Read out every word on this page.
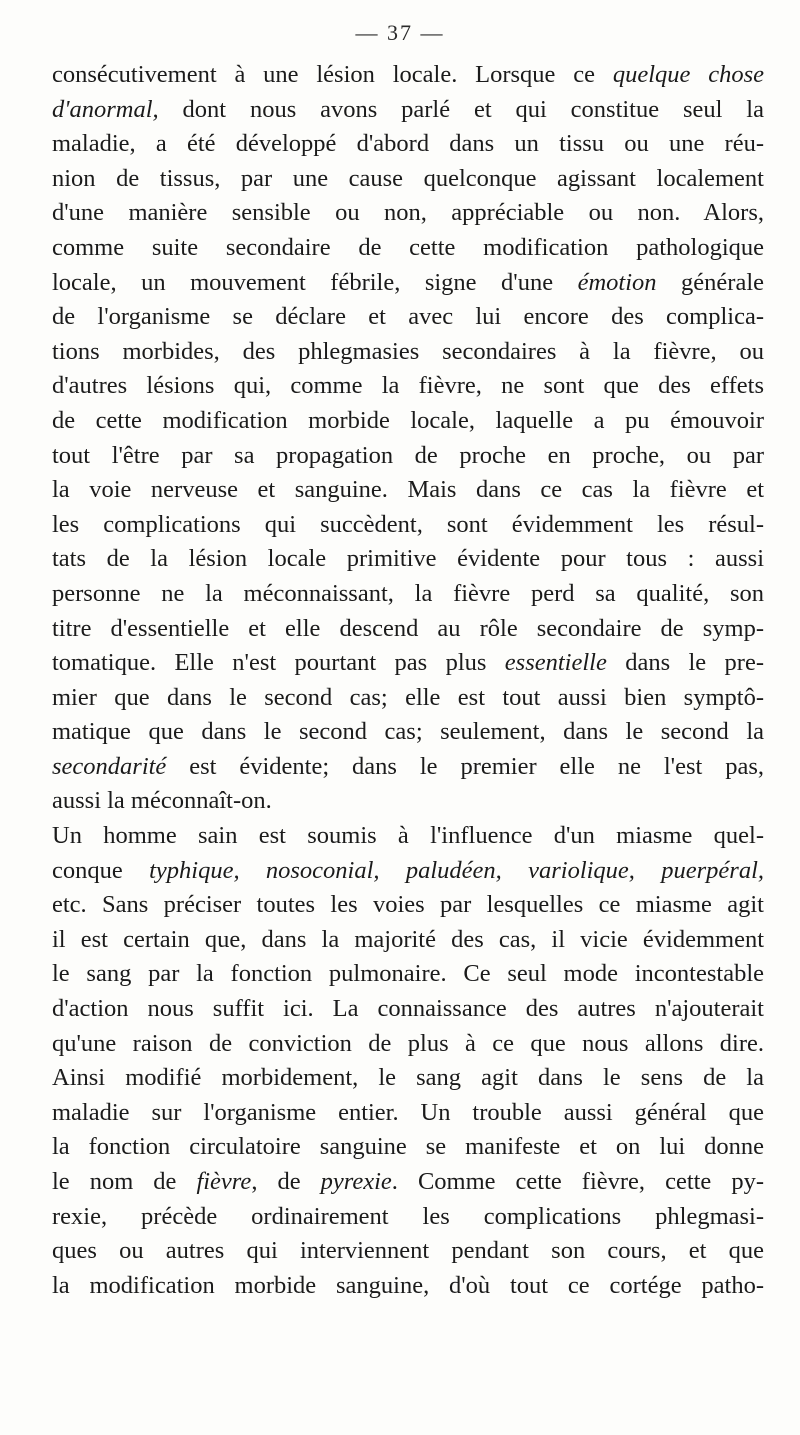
— 37 —
consécutivement à une lésion locale. Lorsque ce quelque chose
d'anormal, dont nous avons parlé et qui constitue seul la
maladie, a été développé d'abord dans un tissu ou une réu-
nion de tissus, par une cause quelconque agissant localement
d'une manière sensible ou non, appréciable ou non. Alors,
comme suite secondaire de cette modification pathologique
locale, un mouvement fébrile, signe d'une émotion générale
de l'organisme se déclare et avec lui encore des complica-
tions morbides, des phlegmasies secondaires à la fièvre, ou
d'autres lésions qui, comme la fièvre, ne sont que des effets
de cette modification morbide locale, laquelle a pu émouvoir
tout l'être par sa propagation de proche en proche, ou par
la voie nerveuse et sanguine. Mais dans ce cas la fièvre et
les complications qui succèdent, sont évidemment les résul-
tats de la lésion locale primitive évidente pour tous : aussi
personne ne la méconnaissant, la fièvre perd sa qualité, son
titre d'essentielle et elle descend au rôle secondaire de symp-
tomatique. Elle n'est pourtant pas plus essentielle dans le pre-
mier que dans le second cas; elle est tout aussi bien symptô-
matique que dans le second cas; seulement, dans le second la
secondarité est évidente; dans le premier elle ne l'est pas,
aussi la méconnaît-on.
Un homme sain est soumis à l'influence d'un miasme quel-
conque typhique, nosoconial, paludéen, variolique, puerpéral,
etc. Sans préciser toutes les voies par lesquelles ce miasme agit
il est certain que, dans la majorité des cas, il vicie évidemment
le sang par la fonction pulmonaire. Ce seul mode incontestable
d'action nous suffit ici. La connaissance des autres n'ajouterait
qu'une raison de conviction de plus à ce que nous allons dire.
Ainsi modifié morbidement, le sang agit dans le sens de la
maladie sur l'organisme entier. Un trouble aussi général que
la fonction circulatoire sanguine se manifeste et on lui donne
le nom de fièvre, de pyrexie. Comme cette fièvre, cette py-
rexie, précède ordinairement les complications phlegmasi-
ques ou autres qui interviennent pendant son cours, et que
la modification morbide sanguine, d'où tout ce cortége patho-
